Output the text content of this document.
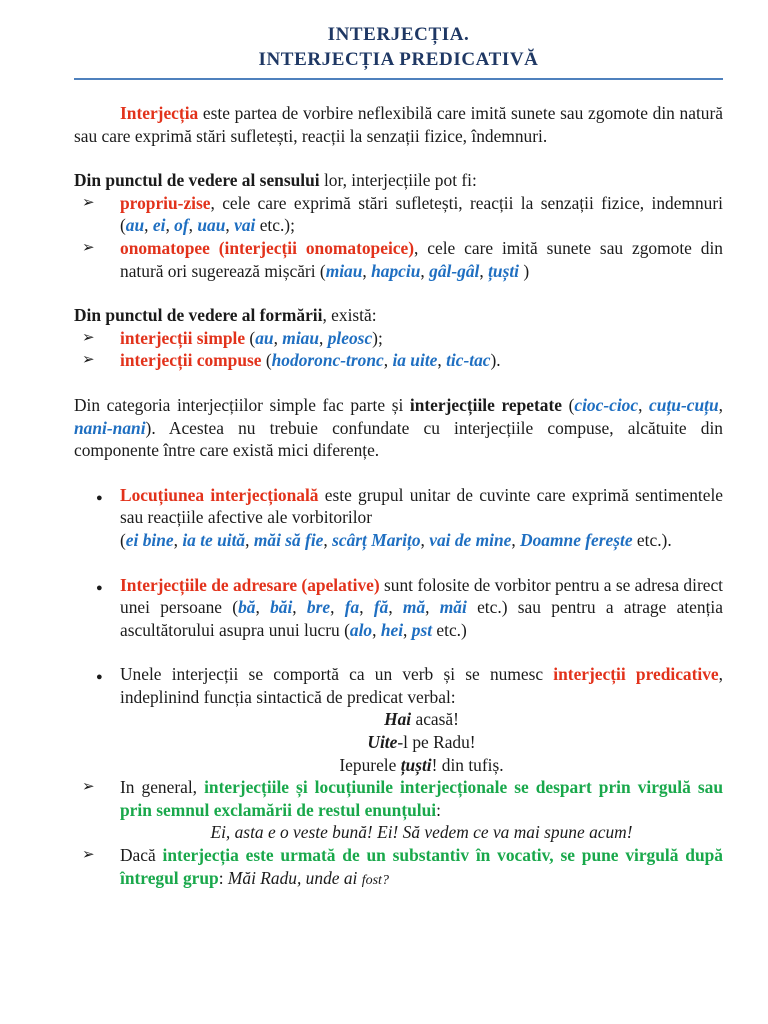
INTERJECȚIA.
INTERJECȚIA PREDICATIVĂ

Interjecția este partea de vorbire neflexibilă care imită sunete sau zgomote din natură sau care exprimă stări sufletești, reacții la senzații fizice, îndemnuri.

Din punctul de vedere al sensului lor, interjecțiile pot fi:

➢	propriu-zise, cele care exprimă stări sufletești, reacții la senzații fizice, indemnuri (au, ei, of, uau, vai etc.);
➢	onomatopee (interjecții onomatopeice), cele care imită sunete sau zgomote din natură ori sugerează mișcări (miau, hapciu, gâl-gâl, țuști )

Din punctul de vedere al formării, există:

➢	interjecții simple (au, miau, pleosc);
➢	interjecții compuse (hodoronc-tronc, ia uite, tic-tac).

Din categoria interjecțiilor simple fac parte și interjecțiile repetate (cioc-cioc, cuțu-cuțu, nani-nani). Acestea nu trebuie confundate cu interjecțiile compuse, alcătuite din componente între care există mici diferențe.

● Locuțiunea interjecțională este grupul unitar de cuvinte care exprimă sentimentele sau reacțiile afective ale vorbitorilor
(ei bine, ia te uită, măi să fie, scârț Marițo, vai de mine, Doamne ferește etc.).
● Interjecțiile de adresare (apelative) sunt folosite de vorbitor pentru a se adresa direct unei persoane (bă, băi, bre, fa, fă, mă, măi etc.) sau pentru a atrage atenția ascultătorului asupra unui lucru (alo, hei, pst etc.)
● Unele interjecții se comportă ca un verb și se numesc interjecții predicative, indeplinind funcția sintactică de predicat verbal:
Hai acasă!
Uite-l pe Radu!
Iepurele țuști! din tufiș.
➢	In general, interjecțiile și locuțiunile interjecționale se despart prin virgulă sau prin semnul exclamării de restul enunțului:
Ei, asta e o veste bună! Ei! Să vedem ce va mai spune acum!
➢	Dacă interjecția este urmată de un substantiv în vocativ, se pune virgulă după întregul grup: Măi Radu, unde ai fost?
